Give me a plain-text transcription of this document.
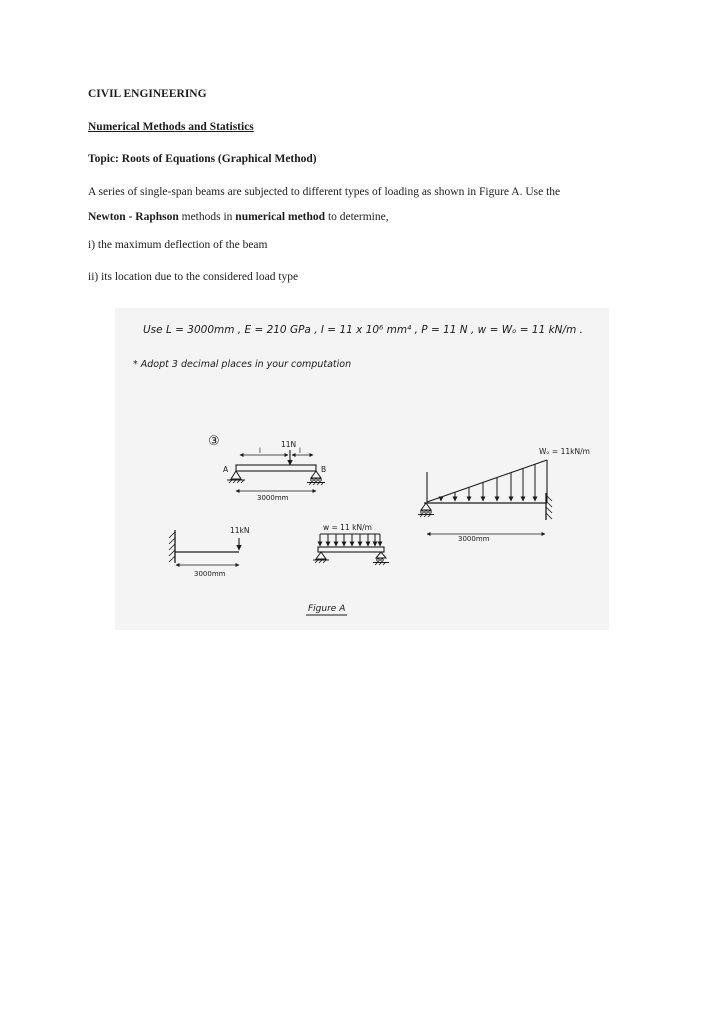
CIVIL ENGINEERING
Numerical Methods and Statistics
Topic: Roots of Equations (Graphical Method)
A series of single-span beams are subjected to different types of loading as shown in Figure A. Use the
Newton - Raphson methods in numerical method to determine,
i) the maximum deflection of the beam
ii) its location due to the considered load type
Use L = 3000mm , E = 210 GPa , I = 11 x 10⁶ mm⁴ , P = 11 N , w = Wₒ = 11 kN/m .
* Adopt 3 decimal places in your computation
③	11N
l	l
A	B
3000mm
11kN
3000mm
w = 11 kN/m
Wₒ = 11kN/m
3000mm
Figure A
